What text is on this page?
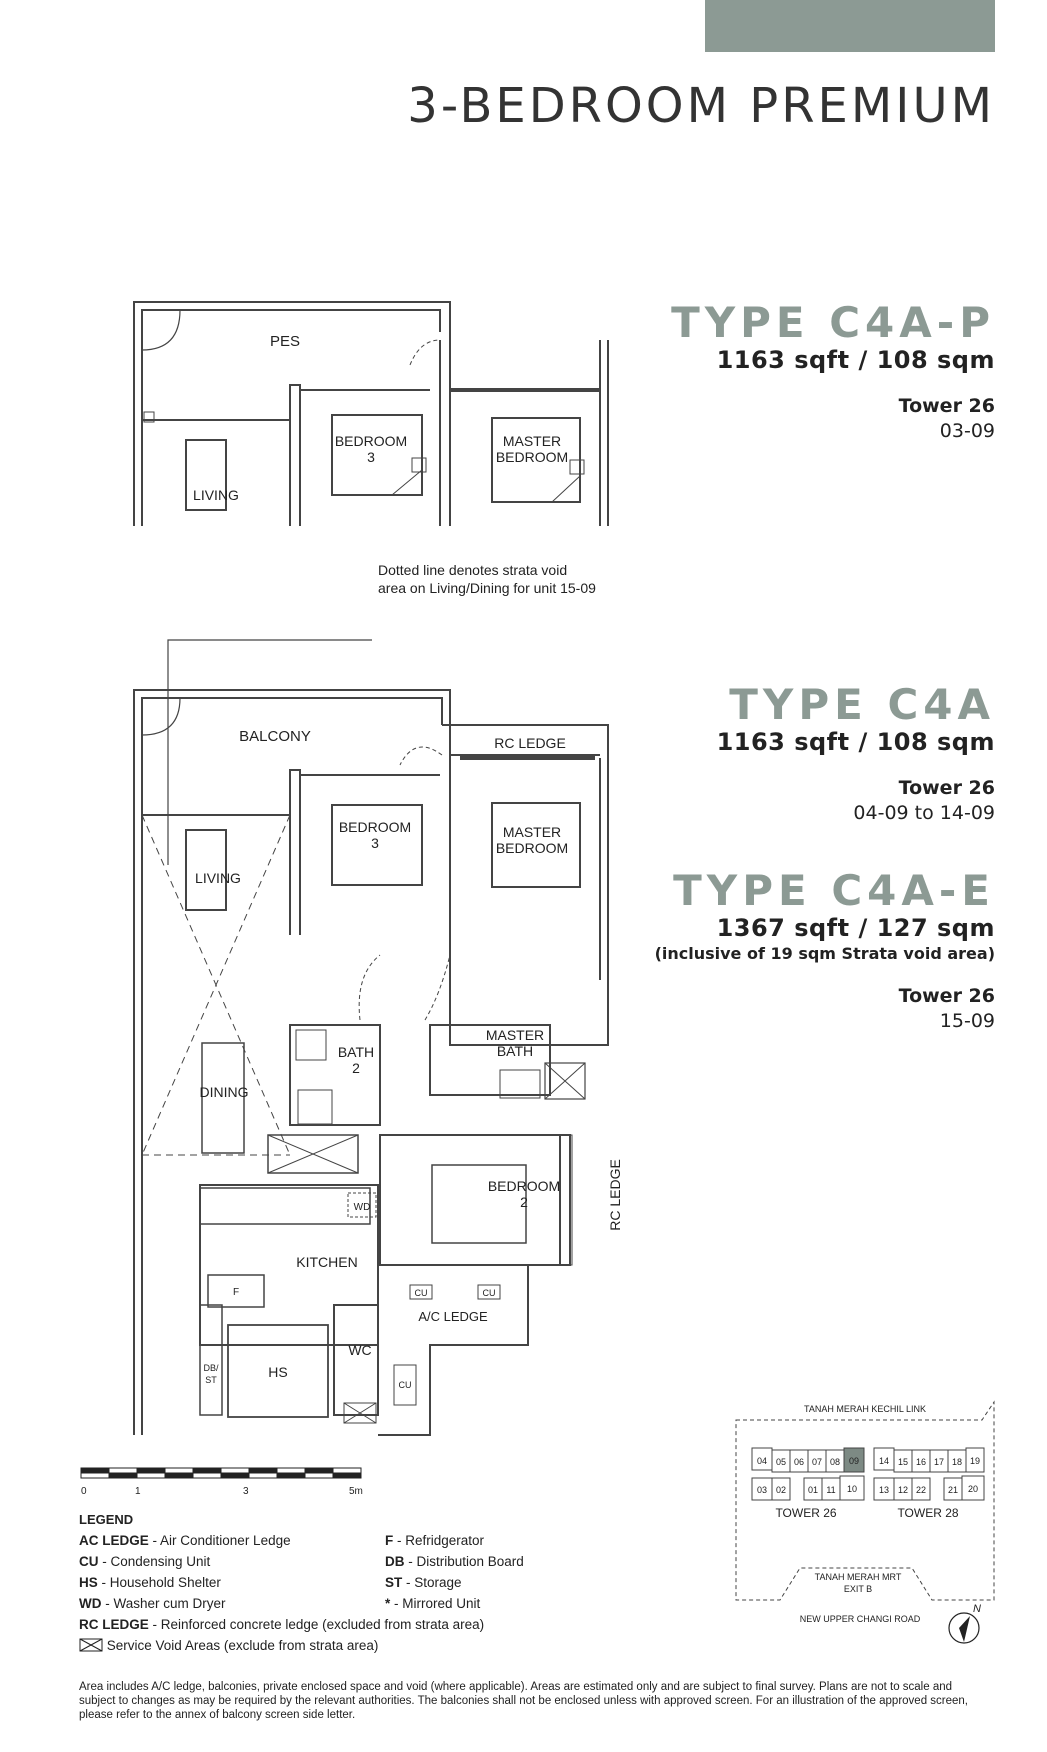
3-BEDROOM PREMIUM
TYPE C4A-P
1163 sqft / 108 sqm
Tower 26
03-09
TYPE C4A
1163 sqft / 108 sqm
Tower 26
04-09 to 14-09
TYPE C4A-E
1367 sqft / 127 sqm
(inclusive of 19 sqm Strata void area)
Tower 26
15-09
PES
BEDROOM
3
MASTER
BEDROOM
LIVING
Dotted line denotes strata void
area on Living/Dining for unit 15-09
BALCONY	RC LEDGE
BEDROOM
3
MASTER
BEDROOM
LIVING
DINING
BATH
2
MASTER
BATH
BEDROOM
2	RC LEDGE
KITCHEN
WD
F	CU	CU
CU
A/C LEDGE
DB/
ST	HS
WC
0	1	3	5m
LEGEND
AC LEDGE - Air Conditioner Ledge
CU - Condensing Unit
HS - Household Shelter
WD - Washer cum Dryer
RC LEDGE - Reinforced concrete ledge (excluded from strata area)
F - Refridgerator
DB - Distribution Board
ST - Storage
* - Mirrored Unit
Service Void Areas (exclude from strata area)
TANAH MERAH KECHIL LINK
04 05 06 07 08 09
03 02 01 11 10
14 15 16 17 18 19
13 12 22 21 20
TOWER 26	TOWER 28
TANAH MERAH MRT
EXIT B
NEW UPPER CHANGI ROAD
N
Area includes A/C ledge, balconies, private enclosed space and void (where applicable). Areas are estimated only and are subject to final survey. Plans are not to scale and subject to changes as may be required by the relevant authorities. The balconies shall not be enclosed unless with approved screen. For an illustration of the approved screen, please refer to the annex of balcony screen side letter.
